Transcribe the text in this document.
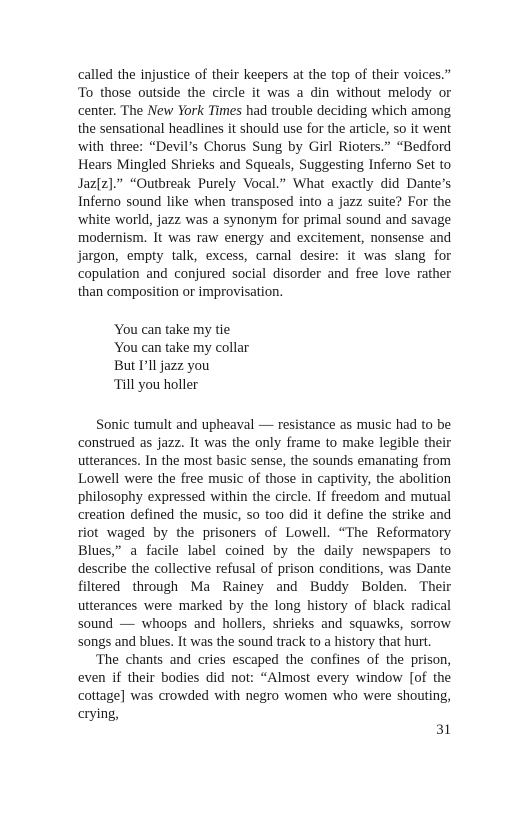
called the injustice of their keepers at the top of their voices.” To those outside the circle it was a din without melody or center. The New York Times had trouble deciding which among the sensational headlines it should use for the article, so it went with three: “Devil’s Chorus Sung by Girl Rioters.” “Bedford Hears Mingled Shrieks and Squeals, Suggesting Inferno Set to Jaz[z].” “Outbreak Purely Vocal.” What exactly did Dante’s Inferno sound like when transposed into a jazz suite? For the white world, jazz was a synonym for primal sound and savage modernism. It was raw energy and excitement, nonsense and jargon, empty talk, excess, carnal desire: it was slang for copulation and conjured social disorder and free love rather than composition or improvisation.

You can take my tie
You can take my collar
But I’ll jazz you
Till you holler

Sonic tumult and upheaval — resistance as music had to be construed as jazz. It was the only frame to make legible their utterances. In the most basic sense, the sounds emanating from Lowell were the free music of those in captivity, the abolition philosophy expressed within the circle. If freedom and mutual creation defined the music, so too did it define the strike and riot waged by the prisoners of Lowell. “The Reformatory Blues,” a facile label coined by the daily newspapers to describe the collective refusal of prison conditions, was Dante filtered through Ma Rainey and Buddy Bolden. Their utterances were marked by the long history of black radical sound — whoops and hollers, shrieks and squawks, sorrow songs and blues. It was the sound track to a history that hurt.

The chants and cries escaped the confines of the prison, even if their bodies did not: “Almost every window [of the cottage] was crowded with negro women who were shouting, crying,

31
